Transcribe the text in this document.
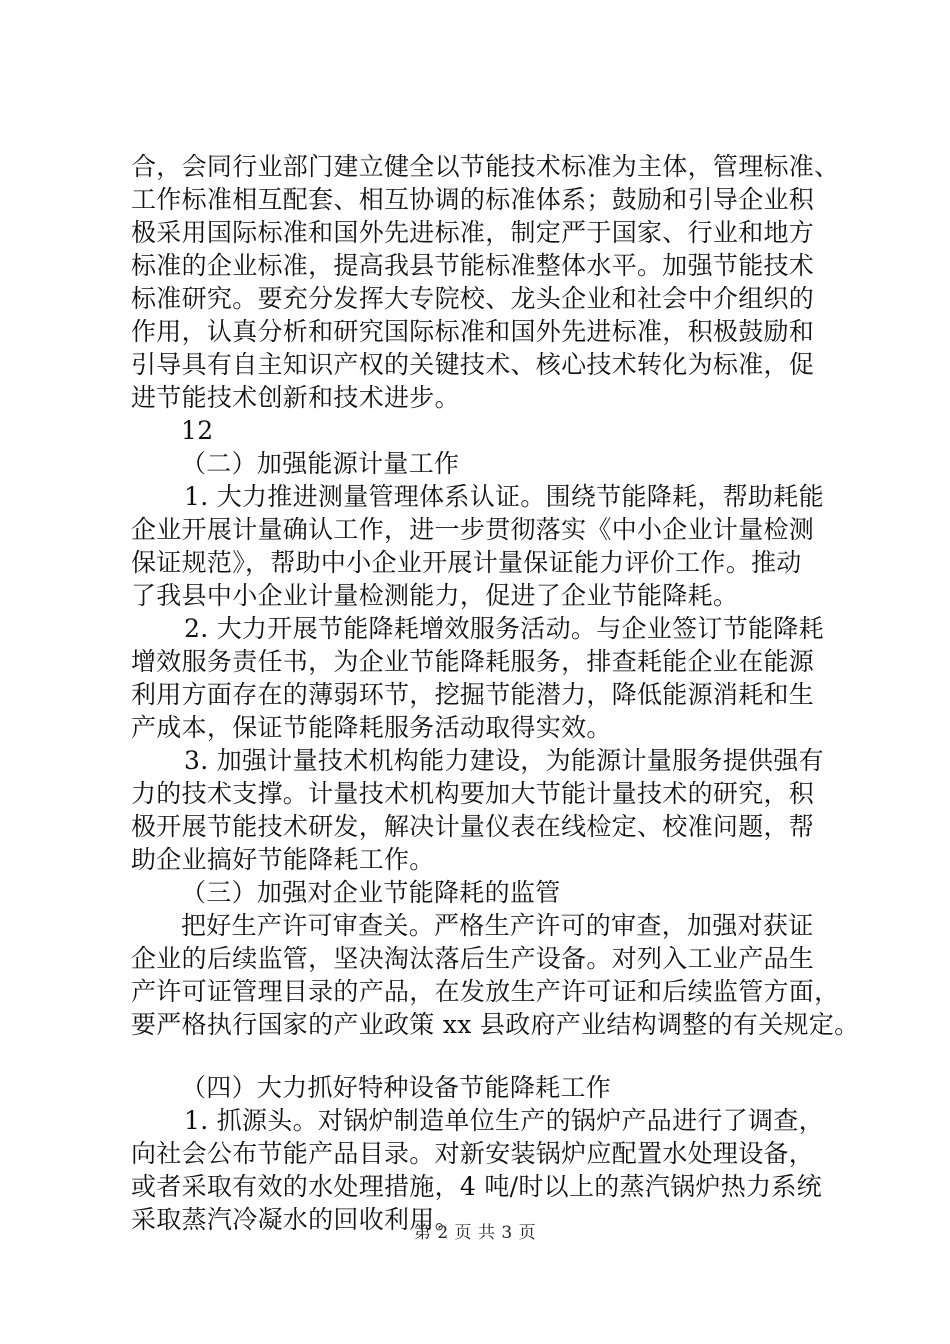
合，会同行业部门建立健全以节能技术标准为主体，管理标准、
工作标准相互配套、相互协调的标准体系；鼓励和引导企业积
极采用国际标准和国外先进标准，制定严于国家、行业和地方
标准的企业标准，提高我县节能标准整体水平。加强节能技术
标准研究。要充分发挥大专院校、龙头企业和社会中介组织的
作用，认真分析和研究国际标准和国外先进标准，积极鼓励和
引导具有自主知识产权的关键技术、核心技术转化为标准，促
进节能技术创新和技术进步。
12
（二）加强能源计量工作
1. 大力推进测量管理体系认证。围绕节能降耗，帮助耗能
企业开展计量确认工作，进一步贯彻落实《中小企业计量检测
保证规范》，帮助中小企业开展计量保证能力评价工作。推动
了我县中小企业计量检测能力，促进了企业节能降耗。
2. 大力开展节能降耗增效服务活动。与企业签订节能降耗
增效服务责任书，为企业节能降耗服务，排查耗能企业在能源
利用方面存在的薄弱环节，挖掘节能潜力，降低能源消耗和生
产成本，保证节能降耗服务活动取得实效。
3. 加强计量技术机构能力建设，为能源计量服务提供强有
力的技术支撑。计量技术机构要加大节能计量技术的研究，积
极开展节能技术研发，解决计量仪表在线检定、校准问题，帮
助企业搞好节能降耗工作。
（三）加强对企业节能降耗的监管
把好生产许可审查关。严格生产许可的审查，加强对获证
企业的后续监管，坚决淘汰落后生产设备。对列入工业产品生
产许可证管理目录的产品，在发放生产许可证和后续监管方面，
要严格执行国家的产业政策 xx 县政府产业结构调整的有关规定。
（四）大力抓好特种设备节能降耗工作
1. 抓源头。对锅炉制造单位生产的锅炉产品进行了调查，
向社会公布节能产品目录。对新安装锅炉应配置水处理设备，
或者采取有效的水处理措施，4 吨/时以上的蒸汽锅炉热力系统
采取蒸汽冷凝水的回收利用。
第 2 页 共 3 页
